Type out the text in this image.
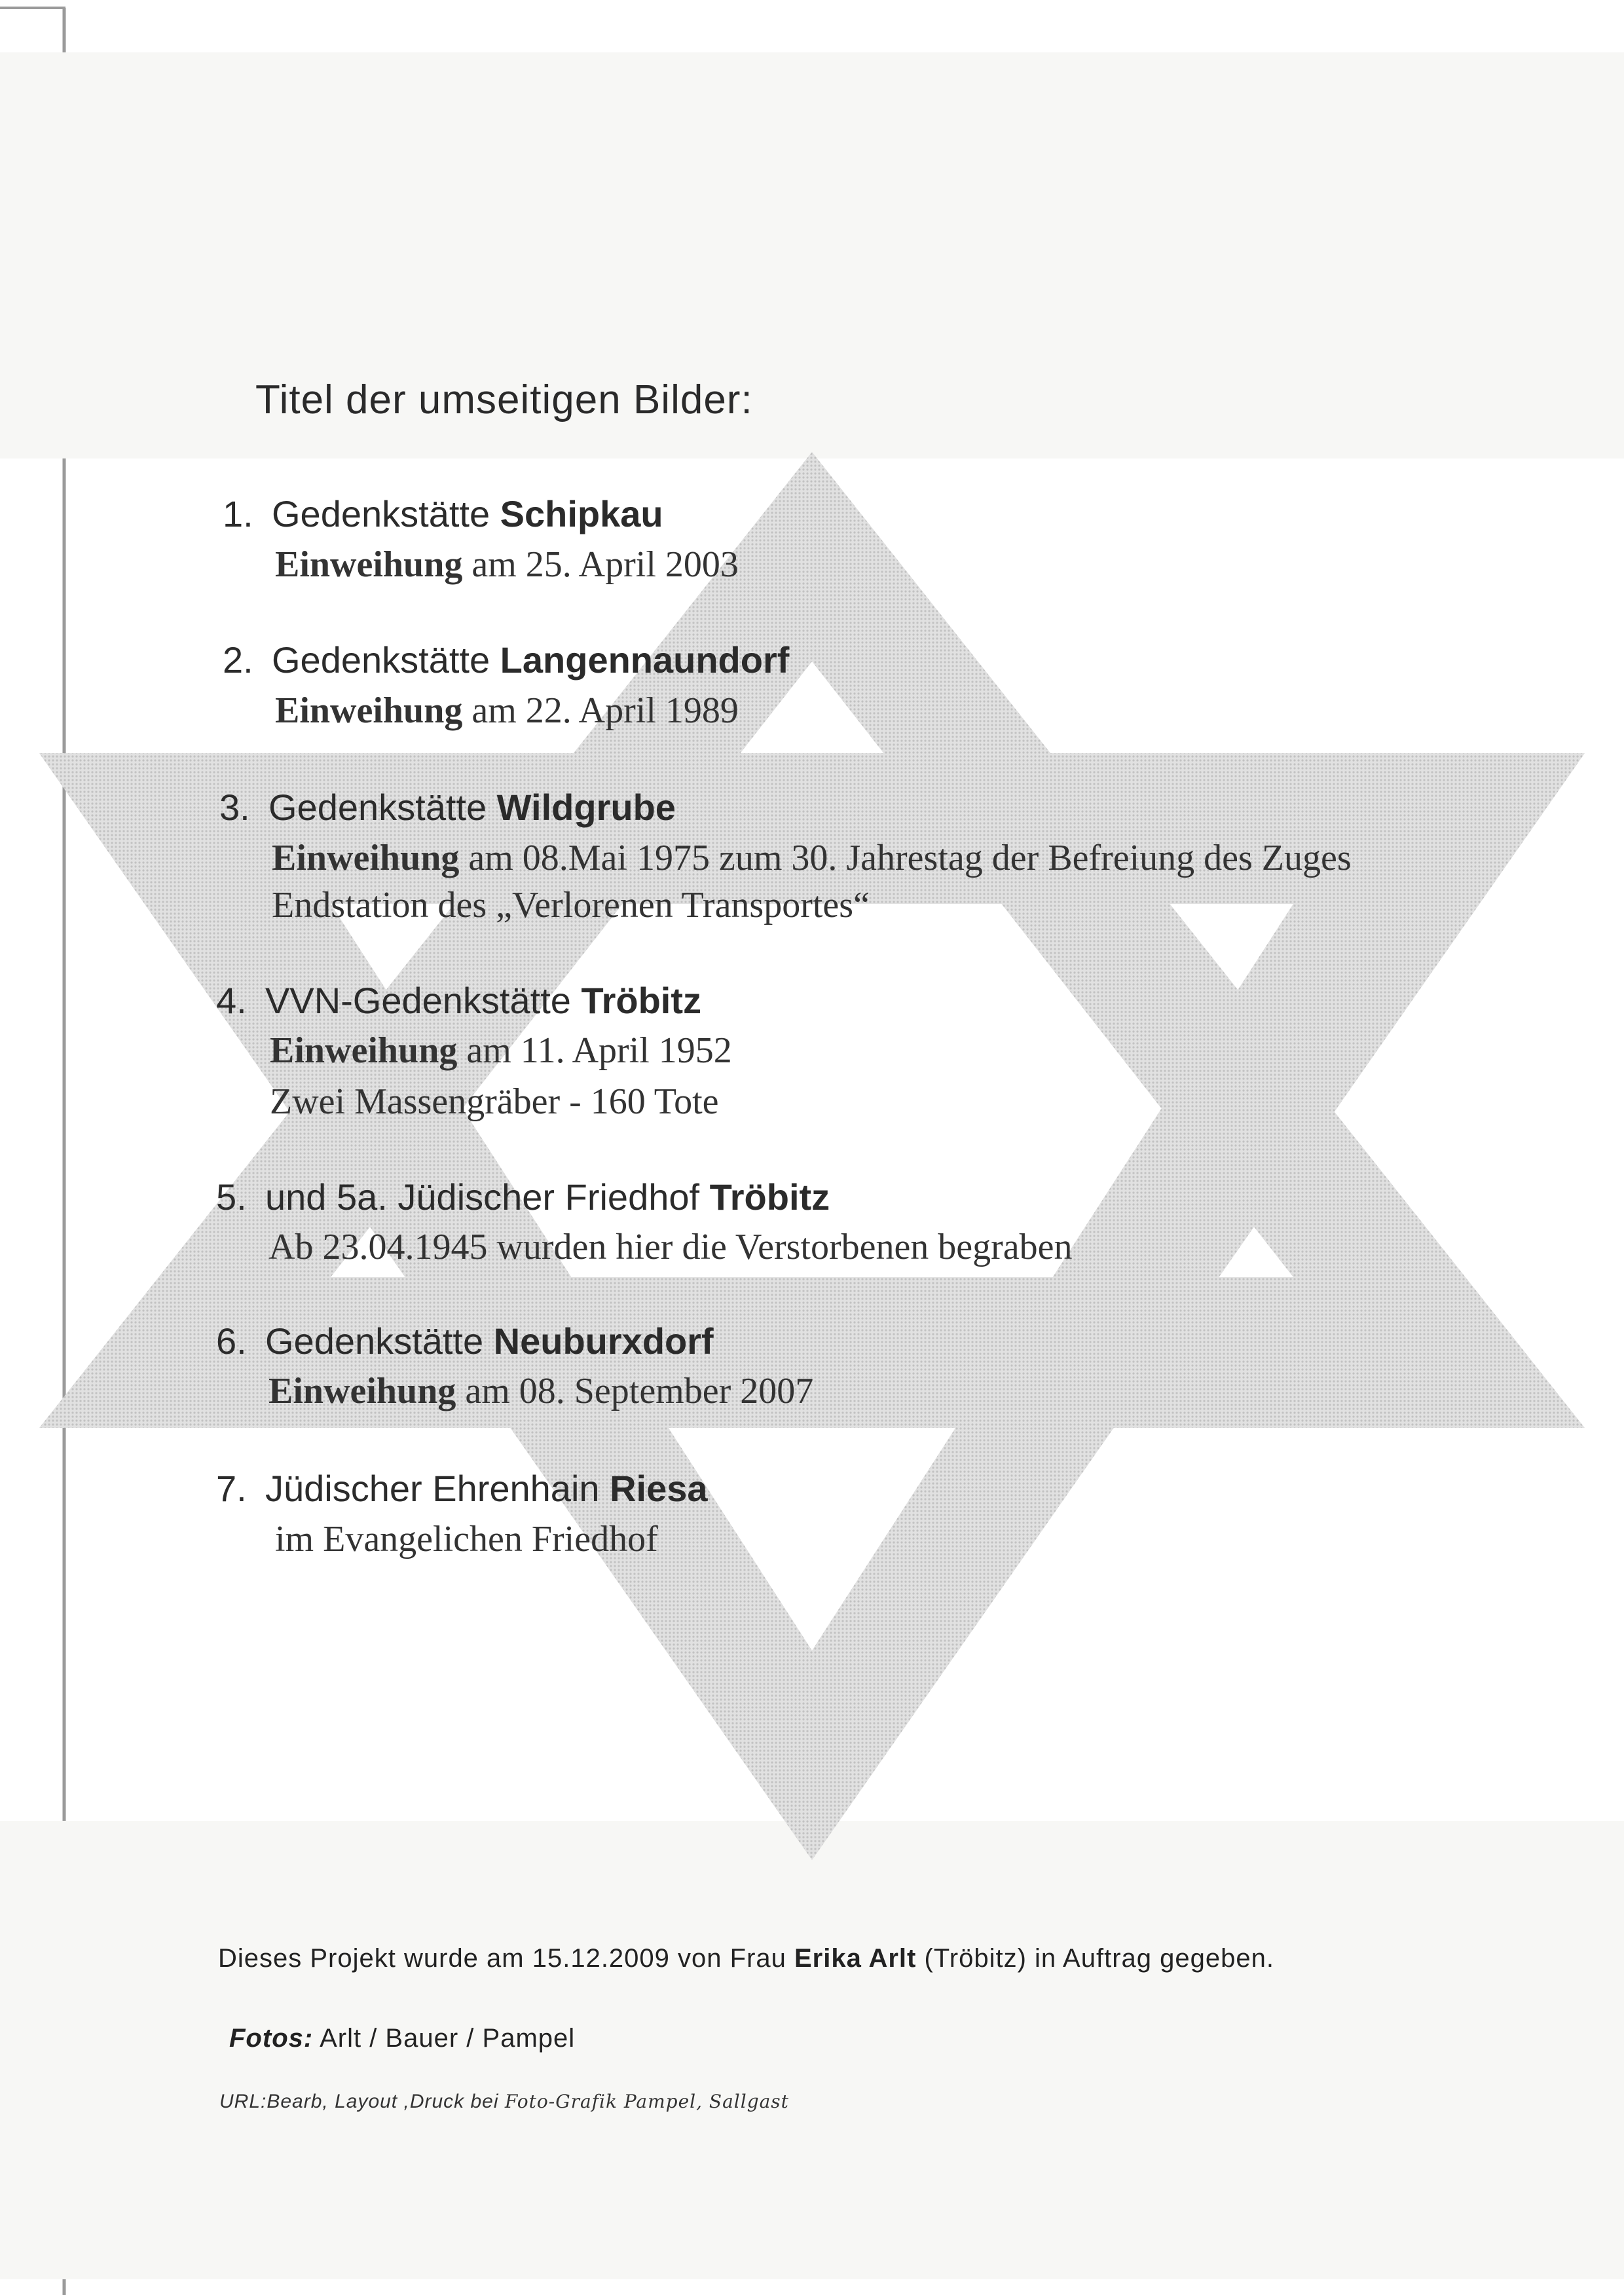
Titel der umseitigen Bilder:
1. Gedenkstätte Schipkau
Einweihung am 25. April 2003
2. Gedenkstätte Langennaundorf
Einweihung am 22. April 1989
3. Gedenkstätte Wildgrube
Einweihung am 08.Mai 1975 zum 30. Jahrestag der Befreiung des Zuges
Endstation des „Verlorenen Transportes“
4. VVN-Gedenkstätte Tröbitz
Einweihung am 11. April 1952
Zwei Massengräber - 160 Tote
5. und 5a. Jüdischer Friedhof Tröbitz
Ab 23.04.1945 wurden hier die Verstorbenen begraben
6. Gedenkstätte Neuburxdorf
Einweihung am 08. September 2007
7. Jüdischer Ehrenhain Riesa
im Evangelichen Friedhof
Dieses Projekt wurde am 15.12.2009 von Frau Erika Arlt (Tröbitz) in Auftrag gegeben.
Fotos: Arlt / Bauer / Pampel
URL:Bearb, Layout ,Druck bei Foto-Grafik Pampel, Sallgast
